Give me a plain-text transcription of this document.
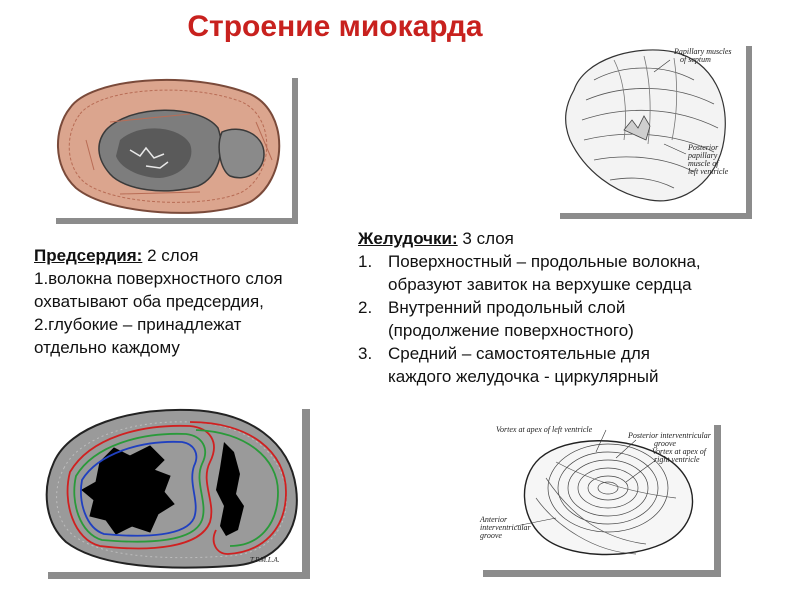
Строение миокарда
Papillary muscles
of septum
Posterior
papillary
muscle of
left ventricle
Предсердия: 2 слоя
1.волокна поверхностного слоя
охватывают оба предсердия,
2.глубокие – принадлежат
отдельно каждому
Желудочки: 3 слоя
1. Поверхностный – продольные волокна,
образуют завиток на верхушке сердца
2. Внутренний продольный слой
(продолжение поверхностного)
3. Средний – самостоятельные для
каждого желудочка - циркулярный
T.P.M.L.A.
Vortex at apex of left ventricle
Posterior interventricular
groove
Vortex at apex of
right ventricle
Anterior
interventricular
groove
